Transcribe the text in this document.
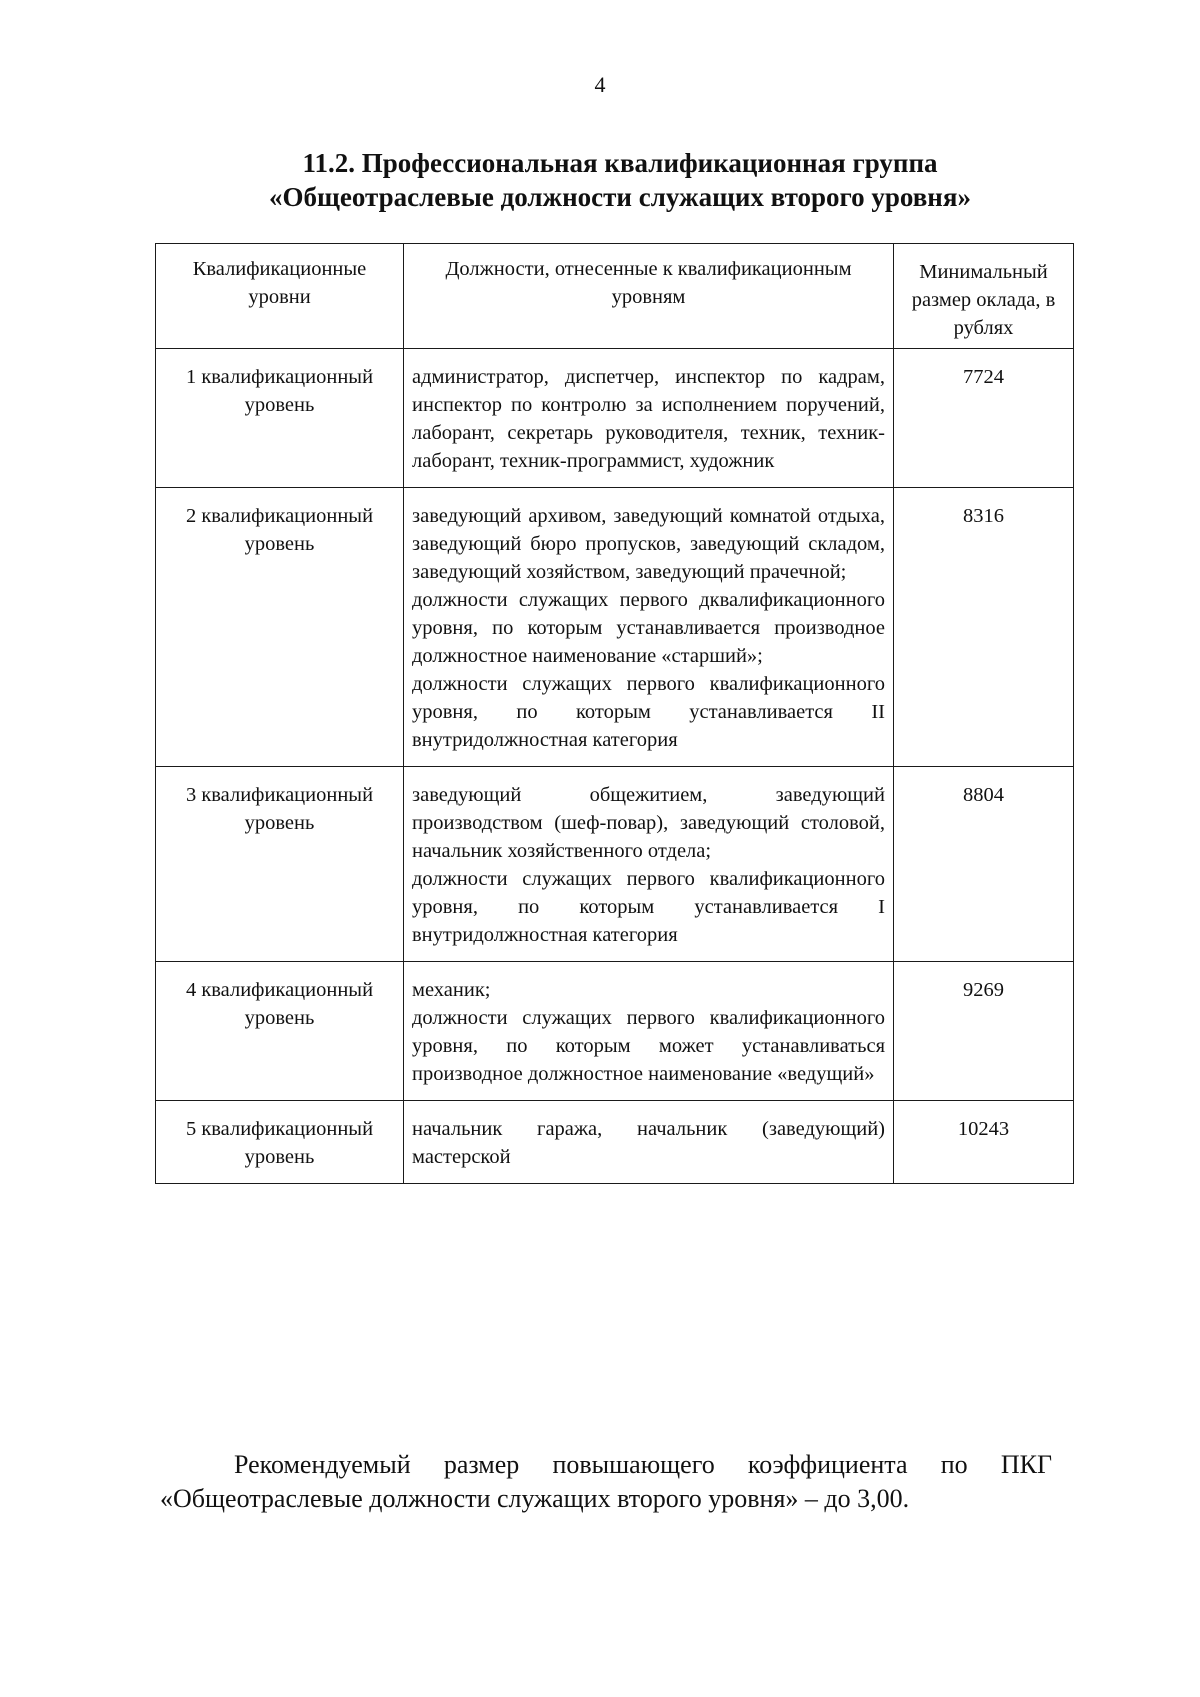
4
11.2. Профессиональная квалификационная группа
«Общеотраслевые должности служащих второго уровня»
Квалификационные уровни	Должности, отнесенные к квалификационным уровням	Минимальный размер оклада, в рублях
1 квалификационный уровень	администратор, диспетчер, инспектор по кадрам, инспектор по контролю за исполнением поручений, лаборант, секретарь руководителя, техник, техник-лаборант, техник-программист, художник	7724
2 квалификационный уровень	заведующий архивом, заведующий комнатой отдыха, заведующий бюро пропусков, заведующий складом, заведующий хозяйством, заведующий прачечной;
должности служащих первого дквалификационного уровня, по которым устанавливается производное должностное наименование «старший»;
должности служащих первого квалификационного уровня, по которым устанавливается II внутридолжностная категория	8316
3 квалификационный уровень	заведующий общежитием, заведующий производством (шеф-повар), заведующий столовой, начальник хозяйственного отдела;
должности служащих первого квалификационного уровня, по которым устанавливается I внутридолжностная категория	8804
4 квалификационный уровень	механик;
должности служащих первого квалификационного уровня, по которым может устанавливаться производное должностное наименование «ведущий»	9269
5 квалификационный уровень	начальник гаража, начальник (заведующий) мастерской	10243
Рекомендуемый размер повышающего коэффициента по ПКГ «Общеотраслевые должности служащих второго уровня» – до 3,00.
